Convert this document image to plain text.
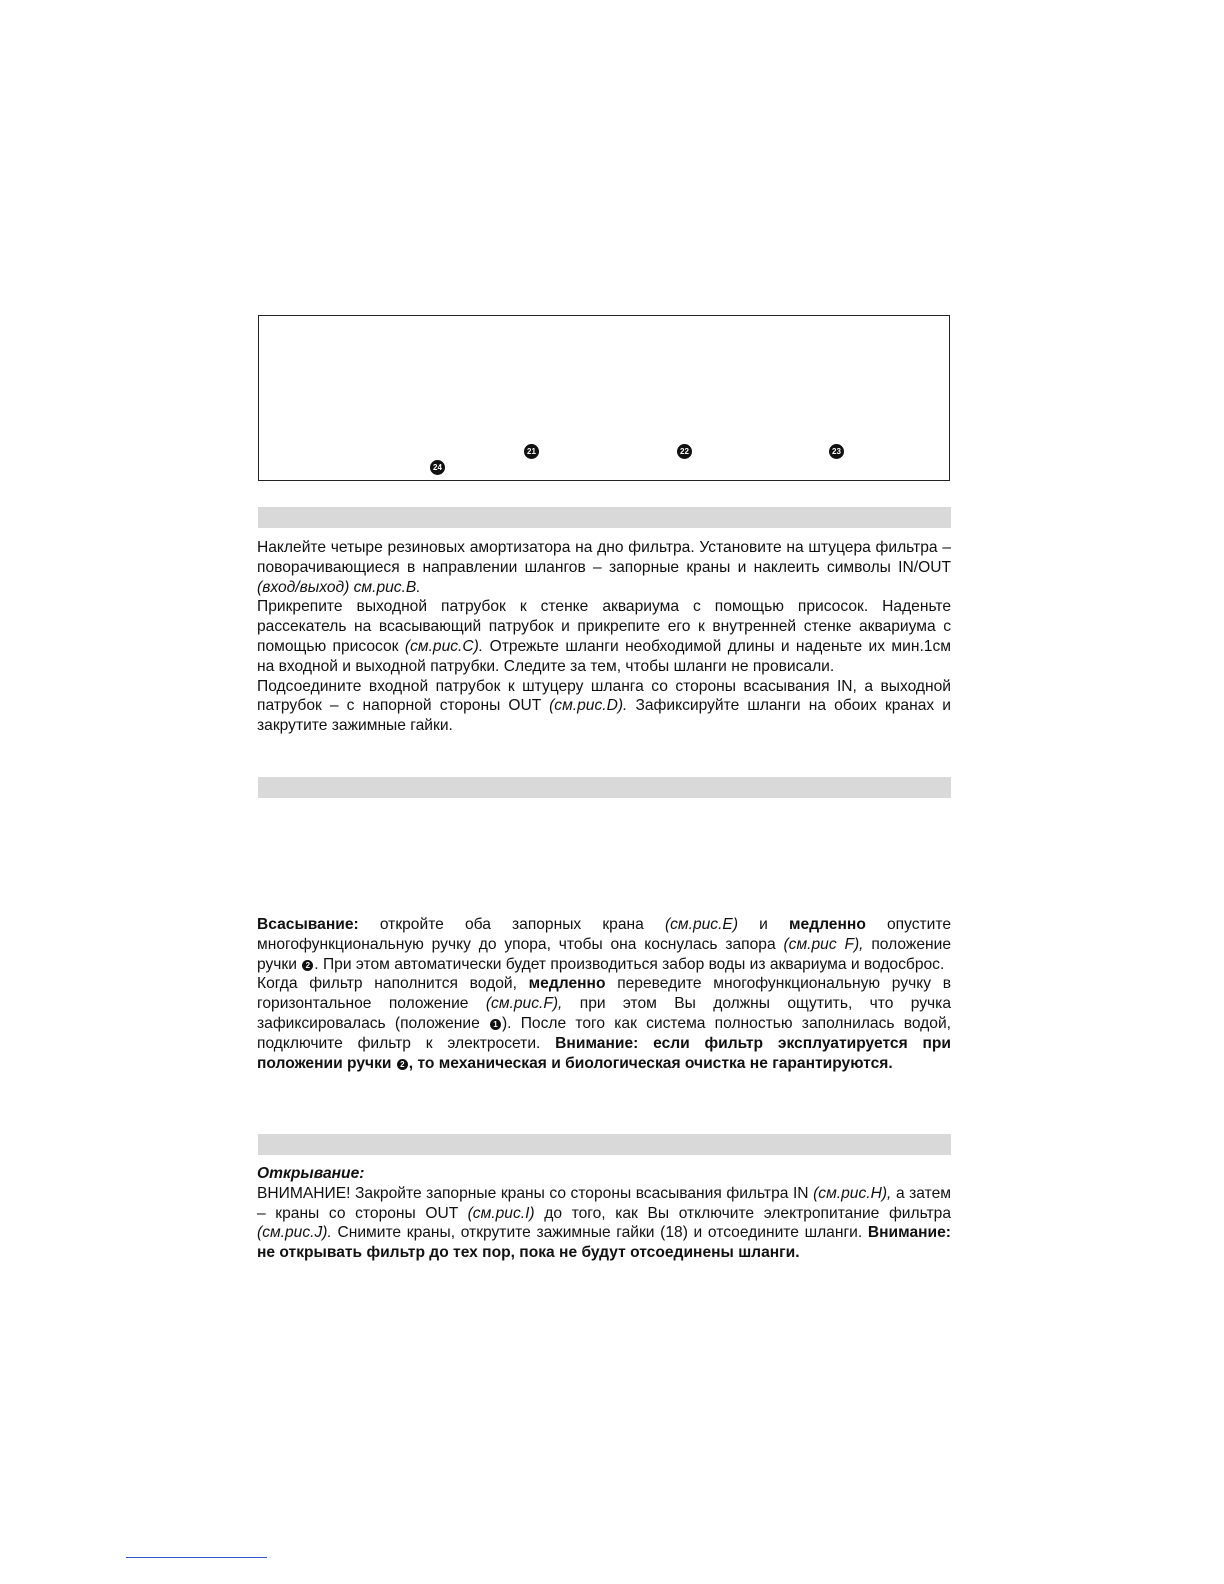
21	22	23
24

Наклейте четыре резиновых амортизатора на дно фильтра. Установите на штуцера фильтра – поворачивающиеся в направлении шлангов – запорные краны и наклеить символы IN/OUT (вход/выход) см.рис.В.

Прикрепите выходной патрубок к стенке аквариума с помощью присосок. Наденьте рассекатель на всасывающий патрубок и прикрепите его к внутренней стенке аквариума с помощью присосок (см.рис.С). Отрежьте шланги необходимой длины и наденьте их мин.1см на входной и выходной патрубки. Следите за тем, чтобы шланги не провисали.

Подсоедините входной патрубок к штуцеру шланга со стороны всасывания IN, а выходной патрубок – с напорной стороны OUT (см.рис.D). Зафиксируйте шланги на обоих кранах и закрутите зажимные гайки.

Всасывание: откройте оба запорных крана (см.рис.Е) и медленно опустите многофункциональную ручку до упора, чтобы она коснулась запора (см.рис F), положение ручки 2 . При этом автоматически будет производиться забор воды из аквариума и водосброс.

Когда фильтр наполнится водой, медленно переведите многофункциональную ручку в горизонтальное положение (см.рис.F), при этом Вы должны ощутить, что ручка зафиксировалась (положение 1 ). После того как система полностью заполнилась водой, подключите фильтр к электросети. Внимание: если фильтр эксплуатируется при положении ручки 2 , то механическая и биологическая очистка не гарантируются.

Открывание:

ВНИМАНИЕ! Закройте запорные краны со стороны всасывания фильтра IN (см.рис.Н), а затем – краны со стороны OUT (см.рис.I) до того, как Вы отключите электропитание фильтра (см.рис.J). Снимите краны, открутите зажимные гайки (18) и отсоедините шланги. Внимание: не открывать фильтр до тех пор, пока не будут отсоединены шланги.
